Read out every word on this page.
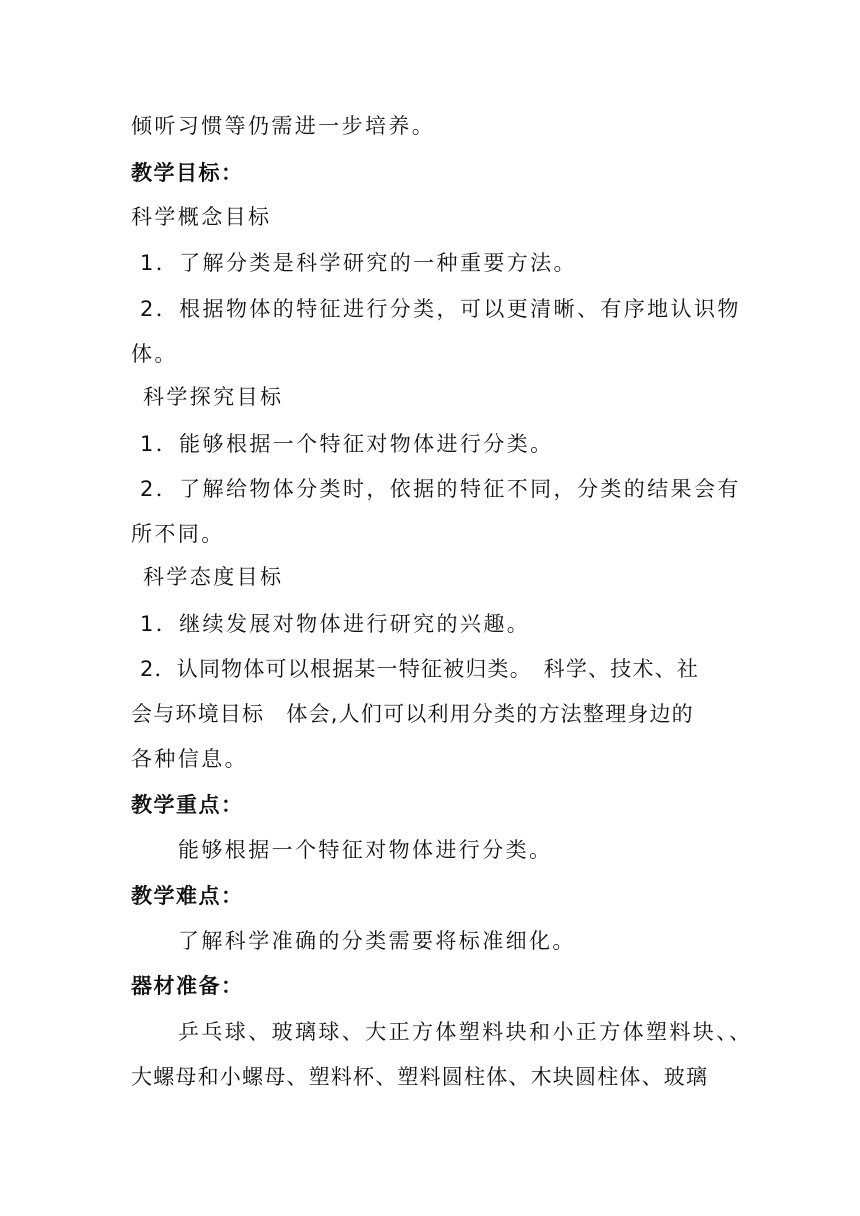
倾听习惯等仍需进一步培养。
教学目标：
科学概念目标
1．了解分类是科学研究的一种重要方法。
2．根据物体的特征进行分类，可以更清晰、有序地认识物
体。
科学探究目标
1．能够根据一个特征对物体进行分类。
2．了解给物体分类时，依据的特征不同，分类的结果会有
所不同。
科学态度目标
1．继续发展对物体进行研究的兴趣。
2．认同物体可以根据某一特征被归类。　科学、技术、社
会与环境目标　体会,人们可以利用分类的方法整理身边的
各种信息。
教学重点：
能够根据一个特征对物体进行分类。
教学难点：
了解科学准确的分类需要将标准细化。
器材准备：
乒乓球、玻璃球、大正方体塑料块和小正方体塑料块、、
大螺母和小螺母、塑料杯、塑料圆柱体、木块圆柱体、玻璃
